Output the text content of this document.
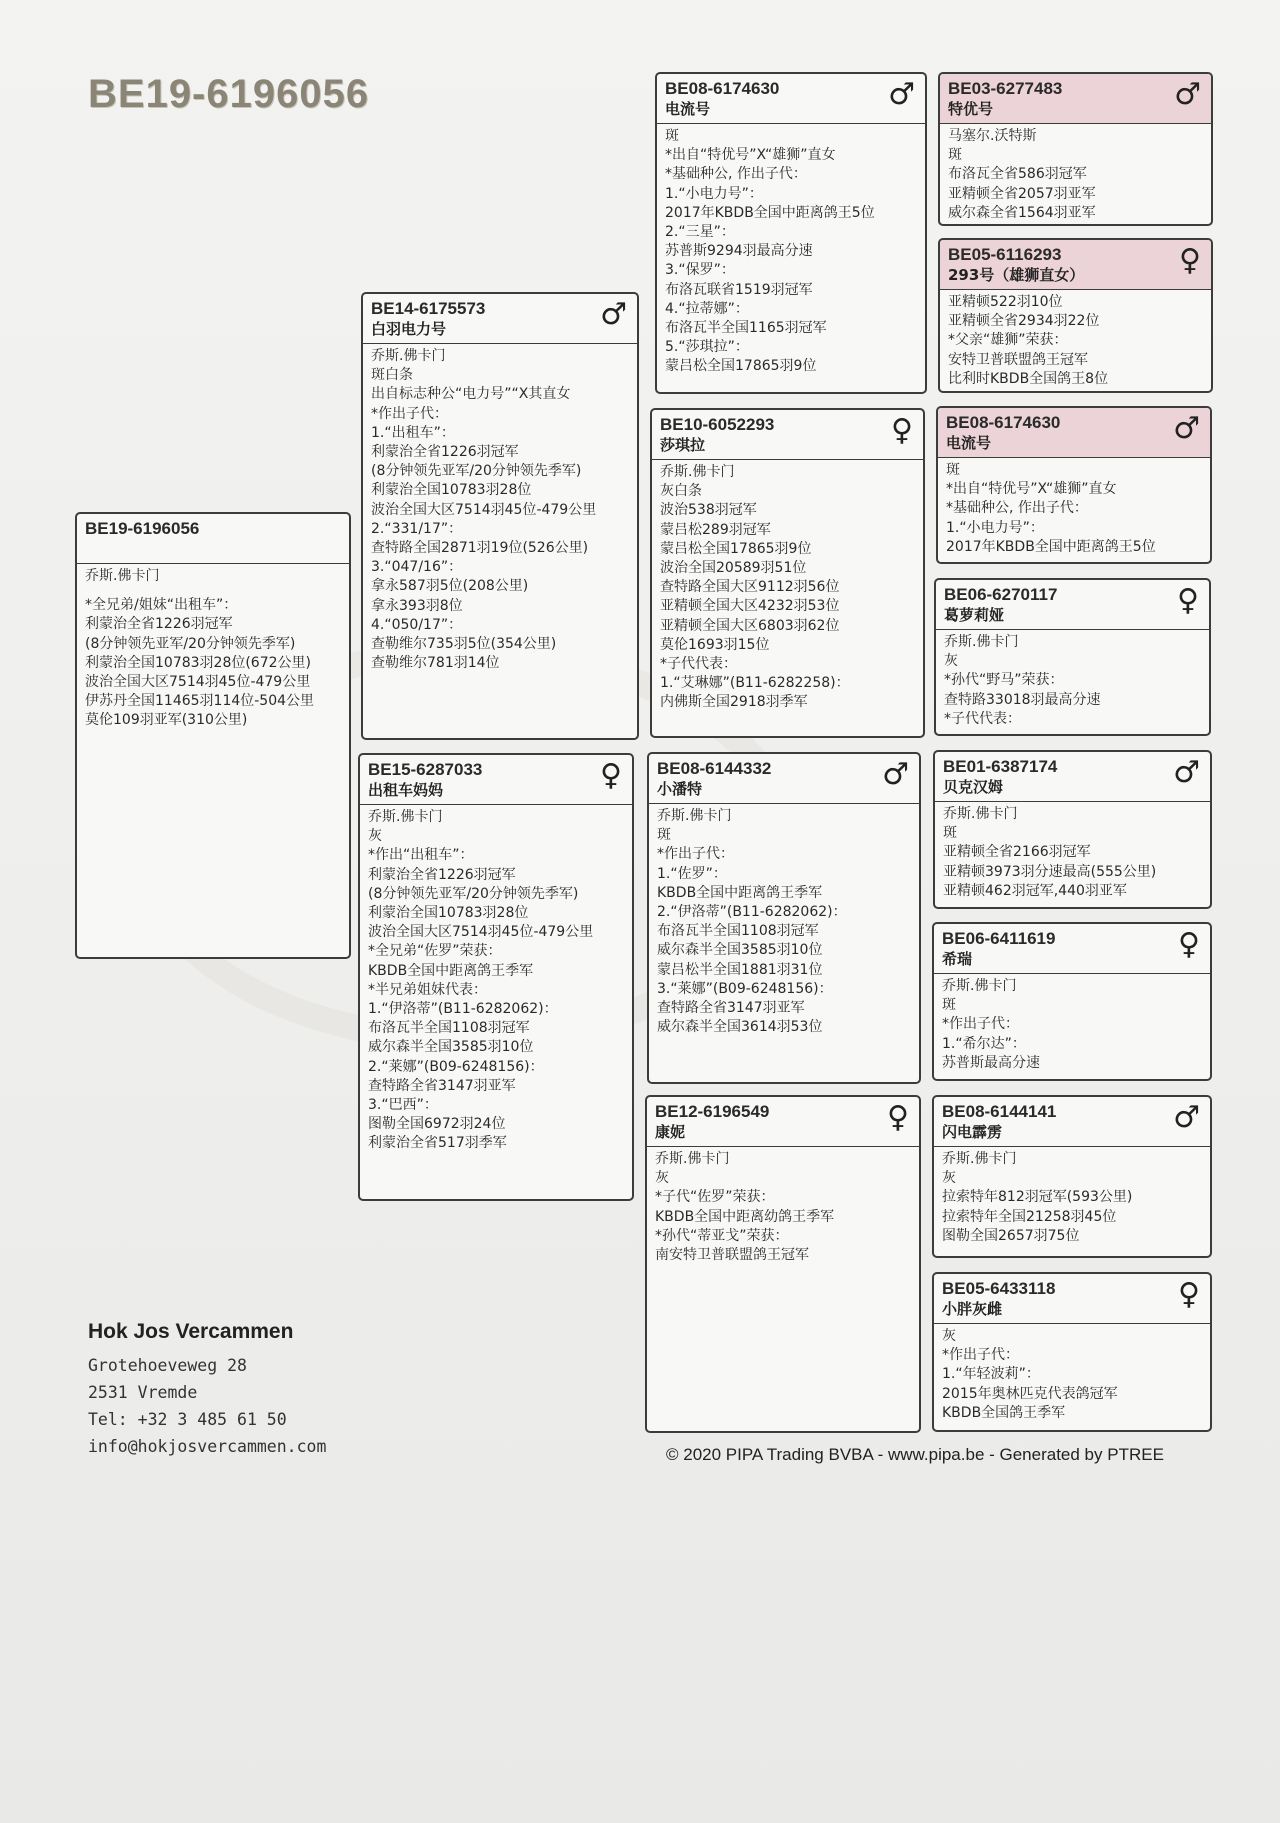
BE19-6196056
BE19-6196056
乔斯.佛卡门
*全兄弟/姐妹“出租车”：
利蒙治全省1226羽冠军
(8分钟领先亚军/20分钟领先季军)
利蒙治全国10783羽28位(672公里)
波治全国大区7514羽45位-479公里
伊苏丹全国11465羽114位-504公里
莫伦109羽亚军(310公里)
BE14-6175573
白羽电力号	♂
乔斯.佛卡门
斑白条
出自标志种公“电力号”“X其直女
*作出子代：
1.“出租车”：
利蒙治全省1226羽冠军
(8分钟领先亚军/20分钟领先季军)
利蒙治全国10783羽28位
波治全国大区7514羽45位-479公里
2.“331/17”：
查特路全国2871羽19位(526公里)
3.“047/16”：
拿永587羽5位(208公里)
拿永393羽8位
4.“050/17”：
查勒维尔735羽5位(354公里)
查勒维尔781羽14位
BE15-6287033
出租车妈妈	♀
乔斯.佛卡门
灰
*作出“出租车”：
利蒙治全省1226羽冠军
(8分钟领先亚军/20分钟领先季军)
利蒙治全国10783羽28位
波治全国大区7514羽45位-479公里
*全兄弟“佐罗”荣获：
KBDB全国中距离鸽王季军
*半兄弟姐妹代表：
1.“伊洛蒂”(B11-6282062)：
布洛瓦半全国1108羽冠军
威尔森半全国3585羽10位
2.“莱娜”(B09-6248156)：
查特路全省3147羽亚军
3.“巴西”：
图勒全国6972羽24位
利蒙治全省517羽季军
BE08-6174630
电流号	♂
斑
*出自“特优号”X“雄狮”直女
*基础种公, 作出子代：
1.“小电力号”：
2017年KBDB全国中距离鸽王5位
2.“三星”：
苏普斯9294羽最高分速
3.“保罗”：
布洛瓦联省1519羽冠军
4.“拉蒂娜”：
布洛瓦半全国1165羽冠军
5.“莎琪拉”：
蒙吕松全国17865羽9位
BE10-6052293
莎琪拉	♀
乔斯.佛卡门
灰白条
波治538羽冠军
蒙吕松289羽冠军
蒙吕松全国17865羽9位
波治全国20589羽51位
查特路全国大区9112羽56位
亚精顿全国大区4232羽53位
亚精顿全国大区6803羽62位
莫伦1693羽15位
*子代代表：
1.“艾琳娜”(B11-6282258)：
内佛斯全国2918羽季军
BE08-6144332
小潘特	♂
乔斯.佛卡门
斑
*作出子代：
1.“佐罗”：
KBDB全国中距离鸽王季军
2.“伊洛蒂”(B11-6282062)：
布洛瓦半全国1108羽冠军
威尔森半全国3585羽10位
蒙吕松半全国1881羽31位
3.“莱娜”(B09-6248156)：
查特路全省3147羽亚军
威尔森半全国3614羽53位
BE12-6196549
康妮	♀
乔斯.佛卡门
灰
*子代“佐罗”荣获：
KBDB全国中距离幼鸽王季军
*孙代“蒂亚戈”荣获：
南安特卫普联盟鸽王冠军
BE03-6277483
特优号	♂
马塞尔.沃特斯
斑
布洛瓦全省586羽冠军
亚精顿全省2057羽亚军
威尔森全省1564羽亚军
BE05-6116293
293号（雄狮直女）	♀
亚精顿522羽10位
亚精顿全省2934羽22位
*父亲“雄狮”荣获：
安特卫普联盟鸽王冠军
比利时KBDB全国鸽王8位
BE08-6174630
电流号	♂
斑
*出自“特优号”X“雄狮”直女
*基础种公, 作出子代：
1.“小电力号”：
2017年KBDB全国中距离鸽王5位
BE06-6270117
葛萝莉娅	♀
乔斯.佛卡门
灰
*孙代“野马”荣获：
查特路33018羽最高分速
*子代代表：
BE01-6387174
贝克汉姆	♂
乔斯.佛卡门
斑
亚精顿全省2166羽冠军
亚精顿3973羽分速最高(555公里)
亚精顿462羽冠军,440羽亚军
BE06-6411619
希瑞	♀
乔斯.佛卡门
斑
*作出子代：
1.“希尔达”：
苏普斯最高分速
BE08-6144141
闪电霹雳	♂
乔斯.佛卡门
灰
拉索特年812羽冠军(593公里)
拉索特年全国21258羽45位
图勒全国2657羽75位
BE05-6433118
小胖灰雌	♀
灰
*作出子代：
1.“年轻波莉”：
2015年奥林匹克代表鸽冠军
KBDB全国鸽王季军
Hok Jos Vercammen
Grotehoeveweg 28
2531 Vremde
Tel: +32 3 485 61 50
info@hokjosvercammen.com	© 2020 PIPA Trading BVBA - www.pipa.be - Generated by PTREE
